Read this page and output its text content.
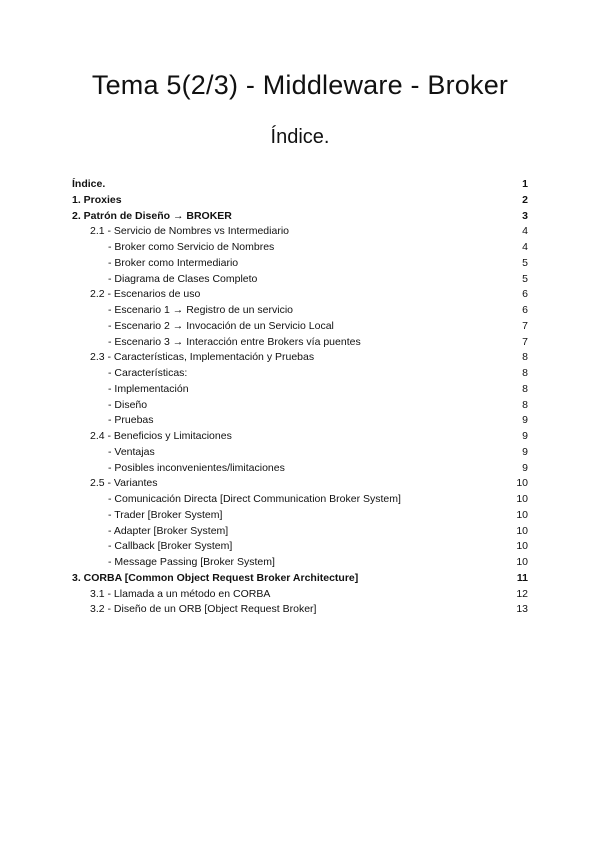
Tema 5(2/3) - Middleware - Broker
Índice.
Índice.	1
1. Proxies	2
2. Patrón de Diseño → BROKER	3
2.1 - Servicio de Nombres vs Intermediario	4
- Broker como Servicio de Nombres	4
- Broker como Intermediario	5
- Diagrama de Clases Completo	5
2.2 - Escenarios de uso	6
- Escenario 1 → Registro de un servicio	6
- Escenario 2 → Invocación de un Servicio Local	7
- Escenario 3 → Interacción entre Brokers vía puentes	7
2.3 - Características, Implementación y Pruebas	8
- Características:	8
- Implementación	8
- Diseño	8
- Pruebas	9
2.4 - Beneficios y Limitaciones	9
- Ventajas	9
- Posibles inconvenientes/limitaciones	9
2.5 - Variantes	10
- Comunicación Directa [Direct Communication Broker System]	10
- Trader [Broker System]	10
- Adapter [Broker System]	10
- Callback [Broker System]	10
- Message Passing [Broker System]	10
3. CORBA [Common Object Request Broker Architecture]	11
3.1 - Llamada a un método en CORBA	12
3.2 - Diseño de un ORB [Object Request Broker]	13
